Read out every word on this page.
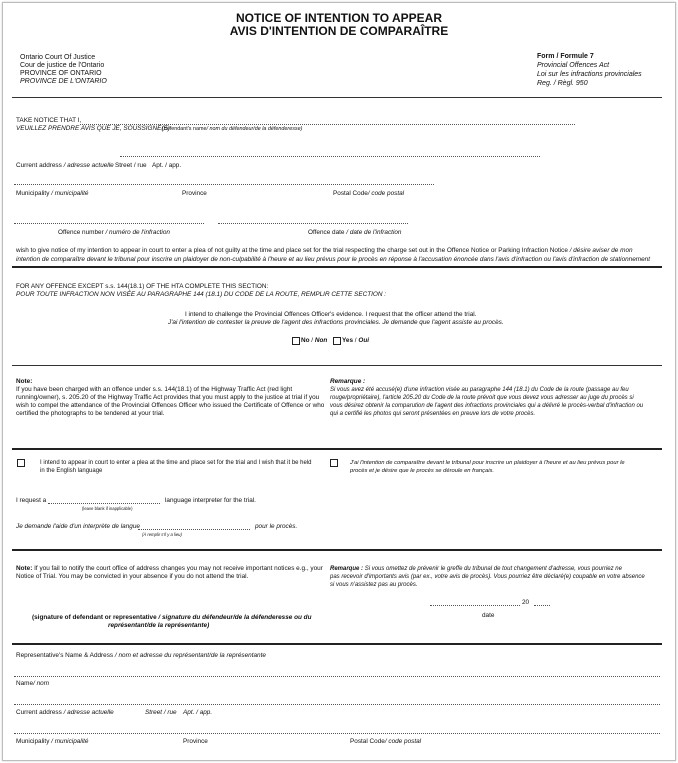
NOTICE OF INTENTION TO APPEAR
AVIS D'INTENTION DE COMPARAÎTRE
Ontario Court Of Justice
Cour de justice de l'Ontario
PROVINCE OF ONTARIO
PROVINCE DE L'ONTARIO
Form / Formule 7
Provincial Offences Act
Loi sur les infractions provinciales
Reg. / Règl. 950
TAKE NOTICE THAT I,
VEUILLEZ PRENDRE AVIS QUE JE, SOUSSIGNÉ(E)
(defendant's name/ nom du défendeur/de la défenderesse)
Current address / adresse actuelle Street / rue Apt. / app.
Municipality / municipalité	Province	Postal Code/ code postal
Offence number / numéro de l'infraction	Offence date / date de l'infraction
wish to give notice of my intention to appear in court to enter a plea of not guilty at the time and place set for the trial respecting the charge set out in the Offence Notice or Parking Infraction Notice / désire aviser de mon
intention de comparaître devant le tribunal pour inscrire un plaidoyer de non-culpabilité à l'heure et au lieu prévus pour le procès en réponse à l'accusation énoncée dans l'avis d'infraction ou l'avis d'infraction de stationnement
FOR ANY OFFENCE EXCEPT s.s. 144(18.1) OF THE HTA COMPLETE THIS SECTION:
POUR TOUTE INFRACTION NON VISÉE AU PARAGRAPHE 144 (18.1) DU CODE DE LA ROUTE, REMPLIR CETTE SECTION :
I intend to challenge the Provincial Offences Officer's evidence. I request that the officer attend the trial.
J'ai l'intention de contester la preuve de l'agent des infractions provinciales. Je demande que l'agent assiste au procès.
No / Non Yes / Oui
Note:
If you have been charged with an offence under s.s. 144(18.1) of the Highway Traffic Act (red light
running/owner), s. 205.20 of the Highway Traffic Act provides that you must apply to the justice at trial if you
wish to compel the attendance of the Provincial Offences Officer who issued the Certificate of Offence or who
certified the photographs to be tendered at your trial.
Remarque :
Si vous avez été accusé(e) d'une infraction visée au paragraphe 144 (18.1) du Code de la route (passage au feu
rouge/propriétaire), l'article 205.20 du Code de la route prévoit que vous devez vous adresser au juge du procès si
vous désirez obtenir la comparution de l'agent des infractions provinciales qui a délivré le procès-verbal d'infraction ou
qui a certifié les photos qui seront présentées en preuve lors de votre procès.
I intend to appear in court to enter a plea at the time and place set for the trial and I wish that it be held
in the English language
J'ai l'intention de comparaître devant le tribunal pour inscrire un plaidoyer à l'heure et au lieu prévus pour le
procès et je désire que le procès se déroule en français.
I request a	language interpreter for the trial.
(leave blank if inapplicable)
Je demande l'aide d'un interprète de langue	pour le procès.
(À remplir s'il y a lieu)
Note: If you fail to notify the court office of address changes you may not receive important notices e.g., your
Notice of Trial. You may be convicted in your absence if you do not attend the trial.
Remarque : Si vous omettez de prévenir le greffe du tribunal de tout changement d'adresse, vous pourriez ne
pas recevoir d'importants avis (par ex., votre avis de procès). Vous pourriez être déclaré(e) coupable en votre absence
si vous n'assistez pas au procès.
20
date
(signature of defendant or representative / signature du défendeur/de la défenderesse ou du
représentant/de la représentante)
Representative's Name & Address / nom et adresse du représentant/de la représentante
Name/ nom
Current address / adresse actuelle	Street / rue Apt. / app.
Municipality / municipalité	Province	Postal Code/ code postal
